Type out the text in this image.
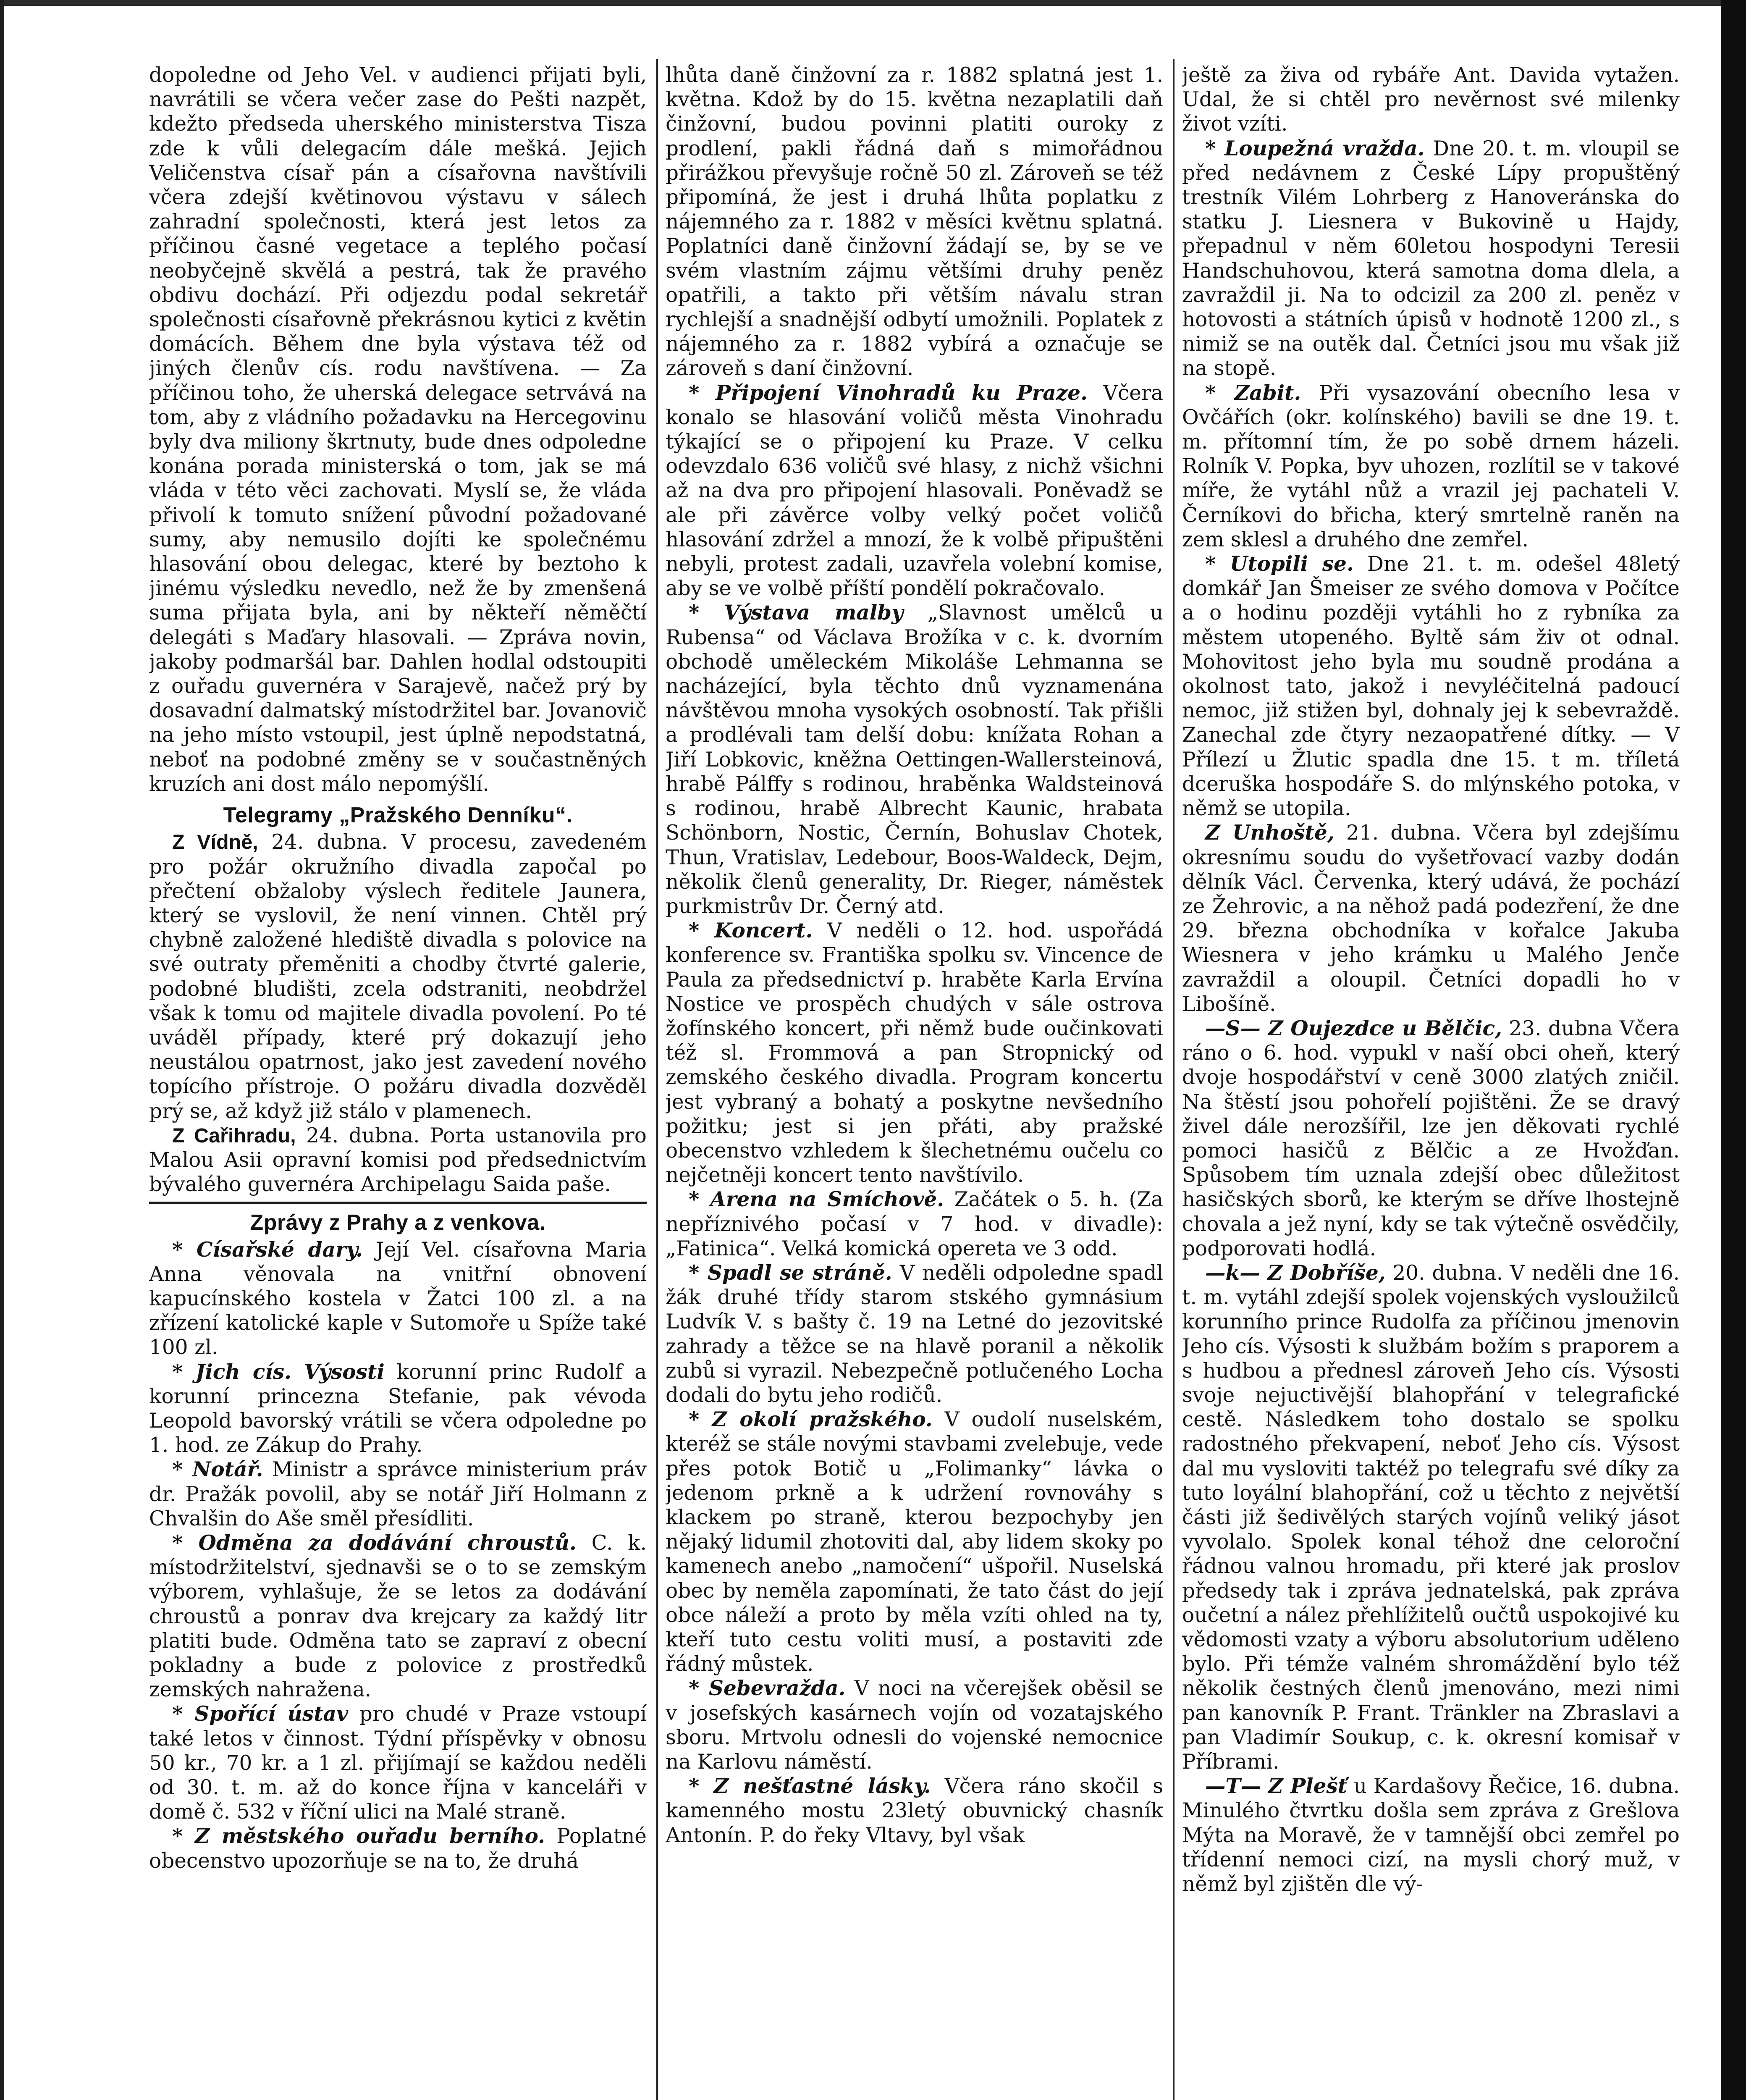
dopoledne od Jeho Vel. v audienci přijati byli, navrátili se včera večer zase do Pešti nazpět, kdežto předseda uherského ministerstva Tisza zde k vůli delegacím dále mešká. Jejich Veličenstva císař pán a císařovna navštívili včera zdejší květinovou výstavu v sálech zahradní společnosti, která jest letos za příčinou časné vegetace a teplého počasí neobyčejně skvělá a pestrá, tak že pravého obdivu dochází. Při odjezdu podal sekretář společnosti císařovně překrásnou kytici z květin domácích. Během dne byla výstava též od jiných členův cís. rodu navštívena. — Za příčinou toho, že uherská delegace setrvává na tom, aby z vládního požadavku na Hercegovinu byly dva miliony škrtnuty, bude dnes odpoledne konána porada ministerská o tom, jak se má vláda v této věci zachovati. Myslí se, že vláda přivolí k tomuto snížení původní požadované sumy, aby nemusilo dojíti ke společnému hlasování obou delegac, které by beztoho k jinému výsledku nevedlo, než že by zmenšená suma přijata byla, ani by někteří něměčtí delegáti s Maďary hlasovali. — Zpráva novin, jakoby podmaršál bar. Dahlen hodlal odstoupiti z ouřadu guvernéra v Sarajevě, načež prý by dosavadní dalmatský místodržitel bar. Jovanovič na jeho místo vstoupil, jest úplně nepodstatná, neboť na podobné změny se v součastněných kruzích ani dost málo nepomýšlí.

Telegramy „Pražského Denníku“.

Z Vídně, 24. dubna. V procesu, zavedeném pro požár okružního divadla započal po přečtení obžaloby výslech ředitele Jaunera, který se vyslovil, že není vinnen. Chtěl prý chybně založené hlediště divadla s polovice na své outraty přeměniti a chodby čtvrté galerie, podobné bludišti, zcela odstraniti, neobdržel však k tomu od majitele divadla povolení. Po té uváděl případy, které prý dokazují jeho neustálou opatrnost, jako jest zavedení nového topícího přístroje. O požáru divadla dozvěděl prý se, až když již stálo v plamenech.

Z Cařihradu, 24. dubna. Porta ustanovila pro Malou Asii opravní komisi pod předsednictvím bývalého guvernéra Archipelagu Saida paše.

Zprávy z Prahy a z venkova.

* Císařské dary. Její Vel. císařovna Maria Anna věnovala na vnitřní obnovení kapucínského kostela v Žatci 100 zl. a na zřízení katolické kaple v Sutomoře u Spíže také 100 zl.

* Jich cís. Výsosti korunní princ Rudolf a korunní princezna Stefanie, pak vévoda Leopold bavorský vrátili se včera odpoledne po 1. hod. ze Zákup do Prahy.

* Notář. Ministr a správce ministerium práv dr. Pražák povolil, aby se notář Jiří Holmann z Chvalšin do Aše směl přesídliti.

* Odměna za dodávání chroustů. C. k. místodržitelství, sjednavši se o to se zemským výborem, vyhlašuje, že se letos za dodávání chroustů a ponrav dva krejcary za každý litr platiti bude. Odměna tato se zapraví z obecní pokladny a bude z polovice z prostředků zemských nahražena.

* Spořící ústav pro chudé v Praze vstoupí také letos v činnost. Týdní příspěvky v obnosu 50 kr., 70 kr. a 1 zl. přijímají se každou neděli od 30. t. m. až do konce října v kanceláři v domě č. 532 v říční ulici na Malé straně.

* Z městského ouřadu berního. Poplatné obecenstvo upozorňuje se na to, že druhá

lhůta daně činžovní za r. 1882 splatná jest 1. května. Kdož by do 15. května nezaplatili daň činžovní, budou povinni platiti ouroky z prodlení, pakli řádná daň s mimořádnou přirážkou převyšuje ročně 50 zl. Zároveň se též připomíná, že jest i druhá lhůta poplatku z nájemného za r. 1882 v měsíci květnu splatná. Poplatníci daně činžovní žádají se, by se ve svém vlastním zájmu většími druhy peněz opatřili, a takto při větším návalu stran rychlejší a snadnější odbytí umožnili. Poplatek z nájemného za r. 1882 vybírá a označuje se zároveň s daní činžovní.

* Připojení Vinohradů ku Praze. Včera konalo se hlasování voličů města Vinohradu týkající se o připojení ku Praze. V celku odevzdalo 636 voličů své hlasy, z nichž všichni až na dva pro připojení hlasovali. Poněvadž se ale při závěrce volby velký počet voličů hlasování zdržel a mnozí, že k volbě připuštěni nebyli, protest zadali, uzavřela volební komise, aby se ve volbě příští pondělí pokračovalo.

* Výstava malby „Slavnost umělců u Rubensa“ od Václava Brožíka v c. k. dvorním obchodě uměleckém Mikoláše Lehmanna se nacházející, byla těchto dnů vyznamenána návštěvou mnoha vysokých osobností. Tak přišli a prodlévali tam delší dobu: knížata Rohan a Jiří Lobkovic, kněžna Oettingen-Wallersteinová, hrabě Pálffy s rodinou, hraběnka Waldsteinová s rodinou, hrabě Albrecht Kaunic, hrabata Schönborn, Nostic, Černín, Bohuslav Chotek, Thun, Vratislav, Ledebour, Boos-Waldeck, Dejm, několik členů generality, Dr. Rieger, náměstek purkmistrův Dr. Černý atd.

* Koncert. V neděli o 12. hod. uspořádá konference sv. Františka spolku sv. Vincence de Paula za předsednictví p. hraběte Karla Ervína Nostice ve prospěch chudých v sále ostrova žofínského koncert, při němž bude oučinkovati též sl. Frommová a pan Stropnický od zemského českého divadla. Program koncertu jest vybraný a bohatý a poskytne nevšedního požitku; jest si jen přáti, aby pražské obecenstvo vzhledem k šlechetnému oučelu co nejčetněji koncert tento navštívilo.

* Arena na Smíchově. Začátek o 5. h. (Za nepříznivého počasí v 7 hod. v divadle): „Fatinica“. Velká komická opereta ve 3 odd.

* Spadl se stráně. V neděli odpoledne spadl žák druhé třídy starom stského gymnásium Ludvík V. s bašty č. 19 na Letné do jezovitské zahrady a těžce se na hlavě poranil a několik zubů si vyrazil. Nebezpečně potlučeného Locha dodali do bytu jeho rodičů.

* Z okolí pražského. V oudolí nuselském, kteréž se stále novými stavbami zvelebuje, vede přes potok Botič u „Folimanky“ lávka o jedenom prkně a k udržení rovnováhy s klackem po straně, kterou bezpochyby jen nějaký lidumil zhotoviti dal, aby lidem skoky po kamenech anebo „namočení“ ušpořil. Nuselská obec by neměla zapomínati, že tato část do její obce náleží a proto by měla vzíti ohled na ty, kteří tuto cestu voliti musí, a postaviti zde řádný můstek.

* Sebevražda. V noci na včerejšek oběsil se v josefských kasárnech vojín od vozatajského sboru. Mrtvolu odnesli do vojenské nemocnice na Karlovu náměstí.

* Z nešťastné lásky. Včera ráno skočil s kamenného mostu 23letý obuvnický chasník Antonín. P. do řeky Vltavy, byl však

ještě za živa od rybáře Ant. Davida vytažen. Udal, že si chtěl pro nevěrnost své milenky život vzíti.

* Loupežná vražda. Dne 20. t. m. vloupil se před nedávnem z České Lípy propuštěný trestník Vilém Lohrberg z Hanoveránska do statku J. Liesnera v Bukovině u Hajdy, přepadnul v něm 60letou hospodyni Teresii Handschuhovou, která samotna doma dlela, a zavraždil ji. Na to odcizil za 200 zl. peněz v hotovosti a státních úpisů v hodnotě 1200 zl., s nimiž se na outěk dal. Četníci jsou mu však již na stopě.

* Zabit. Při vysazování obecního lesa v Ovčářích (okr. kolínského) bavili se dne 19. t. m. přítomní tím, že po sobě drnem házeli. Rolník V. Popka, byv uhozen, rozlítil se v takové míře, že vytáhl nůž a vrazil jej pachateli V. Černíkovi do břicha, který smrtelně raněn na zem sklesl a druhého dne zemřel.

* Utopili se. Dne 21. t. m. odešel 48letý domkář Jan Šmeiser ze svého domova v Počítce a o hodinu později vytáhli ho z rybníka za městem utopeného. Byltě sám živ ot odnal. Mohovitost jeho byla mu soudně prodána a okolnost tato, jakož i nevyléčitelná padoucí nemoc, již stižen byl, dohnaly jej k sebevraždě. Zanechal zde čtyry nezaopatřené dítky. — V Přílezí u Žlutic spadla dne 15. t m. tříletá dceruška hospodáře S. do mlýnského potoka, v němž se utopila.

Z Unhoště, 21. dubna. Včera byl zdejšímu okresnímu soudu do vyšetřovací vazby dodán dělník Václ. Červenka, který udává, že pochází ze Žehrovic, a na něhož padá podezření, že dne 29. března obchodníka v kořalce Jakuba Wiesnera v jeho krámku u Malého Jenče zavraždil a oloupil. Četníci dopadli ho v Libošíně.

—S— Z Oujezdce u Bělčic, 23. dubna Včera ráno o 6. hod. vypukl v naší obci oheň, který dvoje hospodářství v ceně 3000 zlatých zničil. Na štěstí jsou pohořelí pojištěni. Že se dravý živel dále nerozšířil, lze jen děkovati rychlé pomoci hasičů z Bělčic a ze Hvožďan. Spůsobem tím uznala zdejší obec důležitost hasičských sborů, ke kterým se dříve lhostejně chovala a jež nyní, kdy se tak výtečně osvědčily, podporovati hodlá.

—k— Z Dobříše, 20. dubna. V neděli dne 16. t. m. vytáhl zdejší spolek vojenských vysloužilců korunního prince Rudolfa za příčinou jmenovin Jeho cís. Výsosti k službám božím s praporem a s hudbou a přednesl zároveň Jeho cís. Výsosti svoje nejuctivější blahopřání v telegrafické cestě. Následkem toho dostalo se spolku radostného překvapení, neboť Jeho cís. Výsost dal mu vysloviti taktéž po telegrafu své díky za tuto loyální blahopřání, což u těchto z největší části již šedivělých starých vojínů veliký jásot vyvolalo. Spolek konal téhož dne celoroční řádnou valnou hromadu, při které jak proslov předsedy tak i zpráva jednatelská, pak zpráva oučetní a nález přehlížitelů oučtů uspokojivé ku vědomosti vzaty a výboru absolutorium uděleno bylo. Při témže valném shromáždění bylo též několik čestných členů jmenováno, mezi nimi pan kanovník P. Frant. Tränkler na Zbraslavi a pan Vladimír Soukup, c. k. okresní komisař v Příbrami.

—T— Z Plešť u Kardašovy Řečice, 16. dubna. Minulého čtvrtku došla sem zpráva z Grešlova Mýta na Moravě, že v tamnější obci zemřel po třídenní nemoci cizí, na mysli chorý muž, v němž byl zjištěn dle vý-
